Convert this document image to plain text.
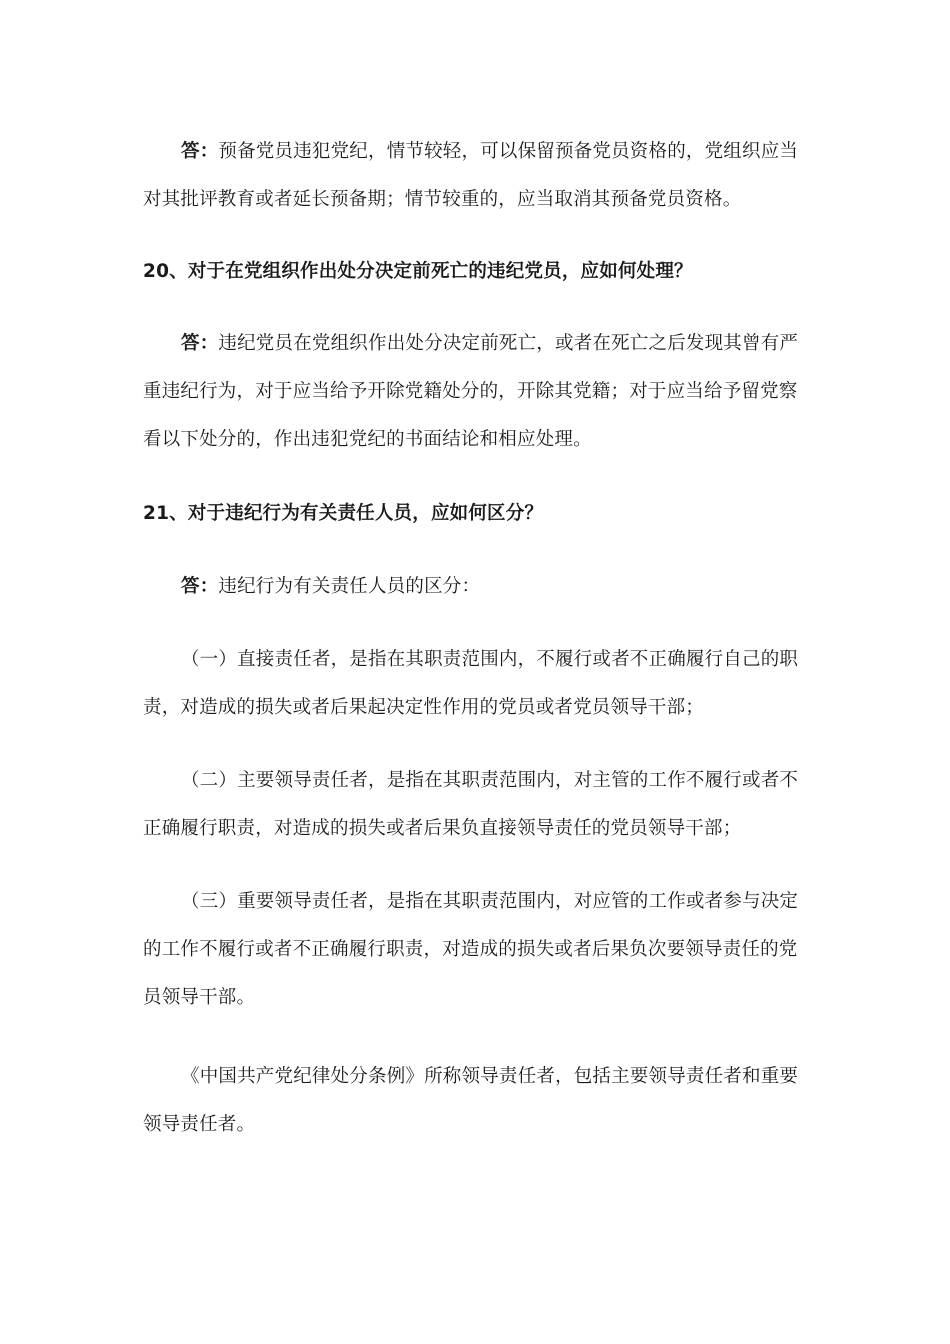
答：预备党员违犯党纪，情节较轻，可以保留预备党员资格的，党组织应当对其批评教育或者延长预备期；情节较重的，应当取消其预备党员资格。

20、对于在党组织作出处分决定前死亡的违纪党员，应如何处理？

答：违纪党员在党组织作出处分决定前死亡，或者在死亡之后发现其曾有严重违纪行为，对于应当给予开除党籍处分的，开除其党籍；对于应当给予留党察看以下处分的，作出违犯党纪的书面结论和相应处理。

21、对于违纪行为有关责任人员，应如何区分？

答：违纪行为有关责任人员的区分：

（一）直接责任者，是指在其职责范围内，不履行或者不正确履行自己的职责，对造成的损失或者后果起决定性作用的党员或者党员领导干部；

（二）主要领导责任者，是指在其职责范围内，对主管的工作不履行或者不正确履行职责，对造成的损失或者后果负直接领导责任的党员领导干部；

（三）重要领导责任者，是指在其职责范围内，对应管的工作或者参与决定的工作不履行或者不正确履行职责，对造成的损失或者后果负次要领导责任的党员领导干部。

《中国共产党纪律处分条例》所称领导责任者，包括主要领导责任者和重要领导责任者。
